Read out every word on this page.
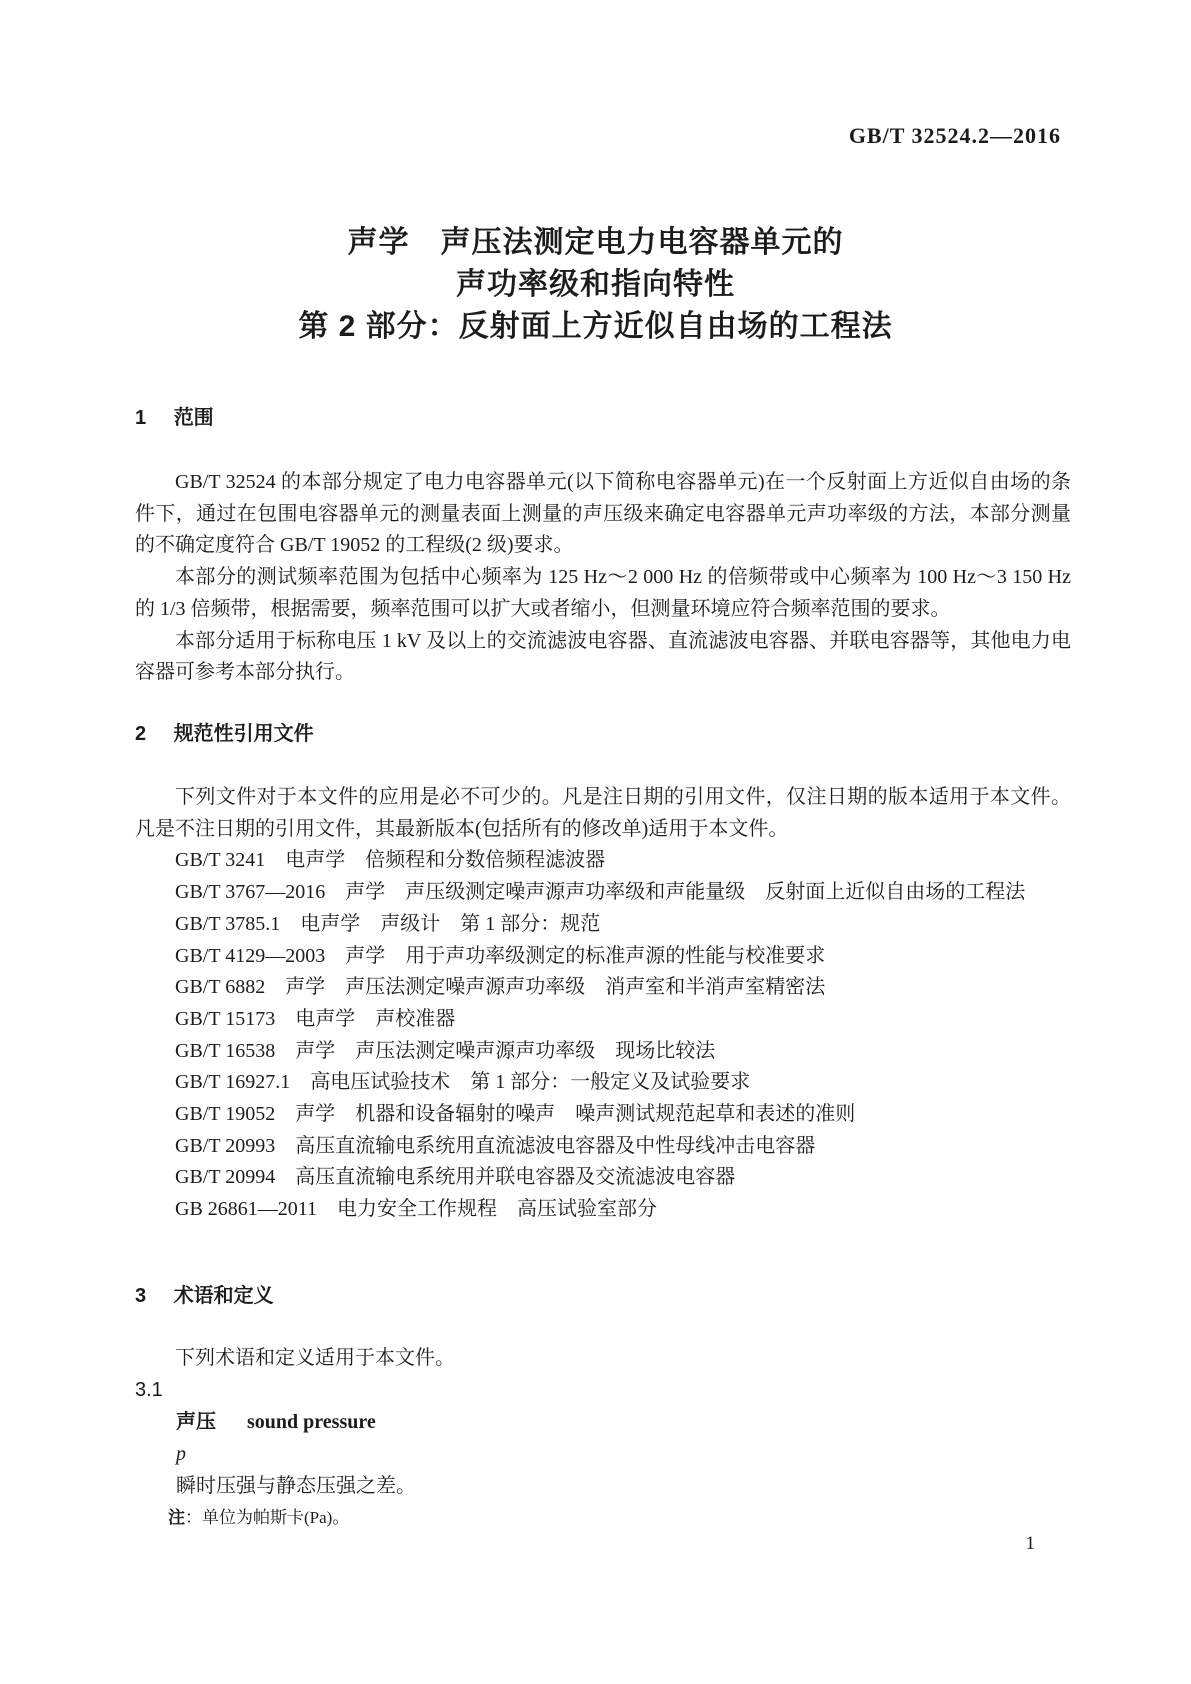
GB/T 32524.2—2016
声学　声压法测定电力电容器单元的
声功率级和指向特性
第 2 部分：反射面上方近似自由场的工程法
1 范围

GB/T 32524 的本部分规定了电力电容器单元(以下简称电容器单元)在一个反射面上方近似自由场的条件下，通过在包围电容器单元的测量表面上测量的声压级来确定电容器单元声功率级的方法，本部分测量的不确定度符合 GB/T 19052 的工程级(2 级)要求。

本部分的测试频率范围为包括中心频率为 125 Hz～2 000 Hz 的倍频带或中心频率为 100 Hz～3 150 Hz 的 1/3 倍频带，根据需要，频率范围可以扩大或者缩小，但测量环境应符合频率范围的要求。

本部分适用于标称电压 1 kV 及以上的交流滤波电容器、直流滤波电容器、并联电容器等，其他电力电容器可参考本部分执行。

2 规范性引用文件

下列文件对于本文件的应用是必不可少的。凡是注日期的引用文件，仅注日期的版本适用于本文件。凡是不注日期的引用文件，其最新版本(包括所有的修改单)适用于本文件。

GB/T 3241　电声学　倍频程和分数倍频程滤波器

GB/T 3767—2016　声学　声压级测定噪声源声功率级和声能量级　反射面上近似自由场的工程法

GB/T 3785.1　电声学　声级计　第 1 部分：规范

GB/T 4129—2003　声学　用于声功率级测定的标准声源的性能与校准要求

GB/T 6882　声学　声压法测定噪声源声功率级　消声室和半消声室精密法

GB/T 15173　电声学　声校准器

GB/T 16538　声学　声压法测定噪声源声功率级　现场比较法

GB/T 16927.1　高电压试验技术　第 1 部分：一般定义及试验要求

GB/T 19052　声学　机器和设备辐射的噪声　噪声测试规范起草和表述的准则

GB/T 20993　高压直流输电系统用直流滤波电容器及中性母线冲击电容器

GB/T 20994　高压直流输电系统用并联电容器及交流滤波电容器

GB 26861—2011　电力安全工作规程　高压试验室部分

3 术语和定义

下列术语和定义适用于本文件。

3.1

声压 sound pressure

p

瞬时压强与静态压强之差。

注：单位为帕斯卡(Pa)。

1
